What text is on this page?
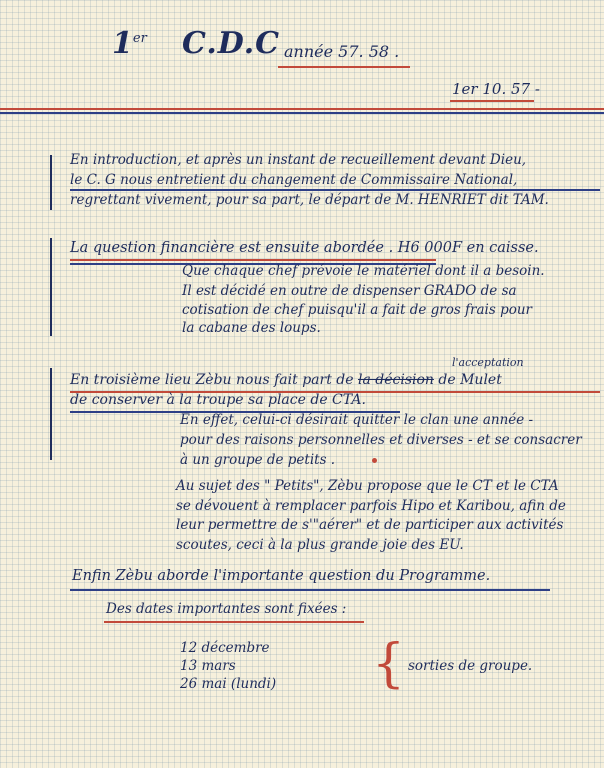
1er C.D.C année 57. 58 .
1er 10. 57 -
En introduction, et après un instant de recueillement devant Dieu,
le C. G nous entretient du changement de Commissaire National,
regrettant vivement, pour sa part, le départ de M. HENRIET dit TAM.
La question financière est ensuite abordée . H6 000F en caisse.
Que chaque chef prévoie le matériel dont il a besoin.
Il est décidé en outre de dispenser GRADO de sa
cotisation de chef puisqu'il a fait de gros frais pour
la cabane des loups.
l'acceptation
En troisième lieu Zèbu nous fait part de la décision de Mulet
de conserver à la troupe sa place de CTA.
En effet, celui-ci désirait quitter le clan une année -
pour des raisons personnelles et diverses - et se consacrer
à un groupe de petits .
Au sujet des " Petits", Zèbu propose que le CT et le CTA
se dévouent à remplacer parfois Hipo et Karibou, afin de
leur permettre de s'"aérer" et de participer aux activités
scoutes, ceci à la plus grande joie des EU.
Enfin Zèbu aborde l'importante question du Programme.
Des dates importantes sont fixées :
12 décembre
13 mars
26 mai (lundi) { sorties de groupe.
